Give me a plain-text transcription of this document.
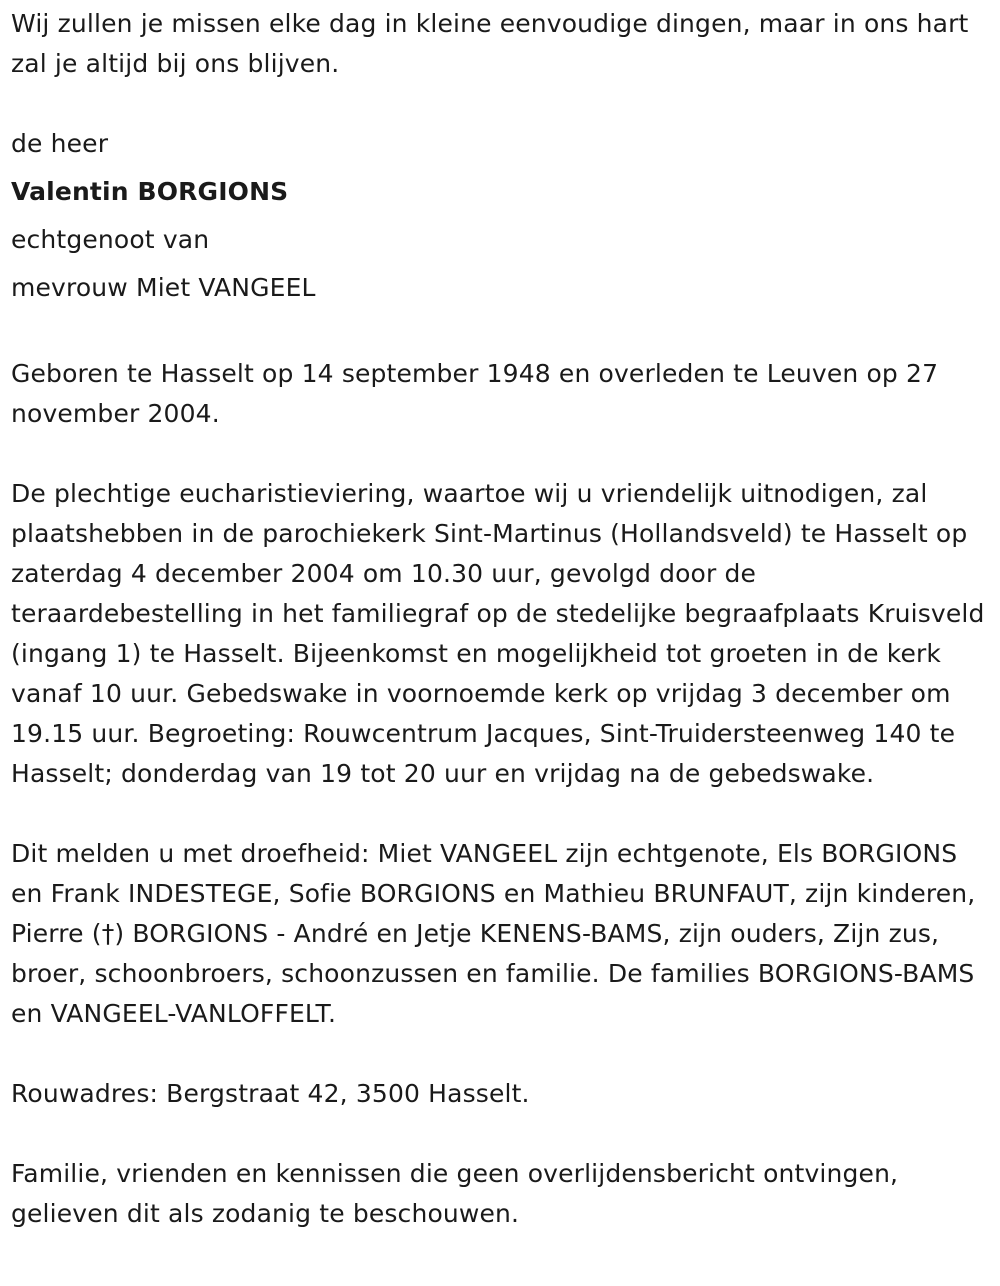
Wij zullen je missen elke dag in kleine eenvoudige dingen, maar in ons hart zal je altijd bij ons blijven.

de heer
Valentin BORGIONS
echtgenoot van
mevrouw Miet VANGEEL

Geboren te Hasselt op 14 september 1948 en overleden te Leuven op 27 november 2004.

De plechtige eucharistieviering, waartoe wij u vriendelijk uitnodigen, zal plaatshebben in de parochiekerk Sint-Martinus (Hollandsveld) te Hasselt op zaterdag 4 december 2004 om 10.30 uur, gevolgd door de teraardebestelling in het familiegraf op de stedelijke begraafplaats Kruisveld (ingang 1) te Hasselt. Bijeenkomst en mogelijkheid tot groeten in de kerk vanaf 10 uur. Gebedswake in voornoemde kerk op vrijdag 3 december om 19.15 uur. Begroeting: Rouwcentrum Jacques, Sint-Truidersteenweg 140 te Hasselt; donderdag van 19 tot 20 uur en vrijdag na de gebedswake.

Dit melden u met droefheid: Miet VANGEEL zijn echtgenote, Els BORGIONS en Frank INDESTEGE, Sofie BORGIONS en Mathieu BRUNFAUT, zijn kinderen, Pierre (†) BORGIONS - André en Jetje KENENS-BAMS, zijn ouders, Zijn zus, broer, schoonbroers, schoonzussen en familie. De families BORGIONS-BAMS en VANGEEL-VANLOFFELT.

Rouwadres: Bergstraat 42, 3500 Hasselt.

Familie, vrienden en kennissen die geen overlijdensbericht ontvingen, gelieven dit als zodanig te beschouwen.
